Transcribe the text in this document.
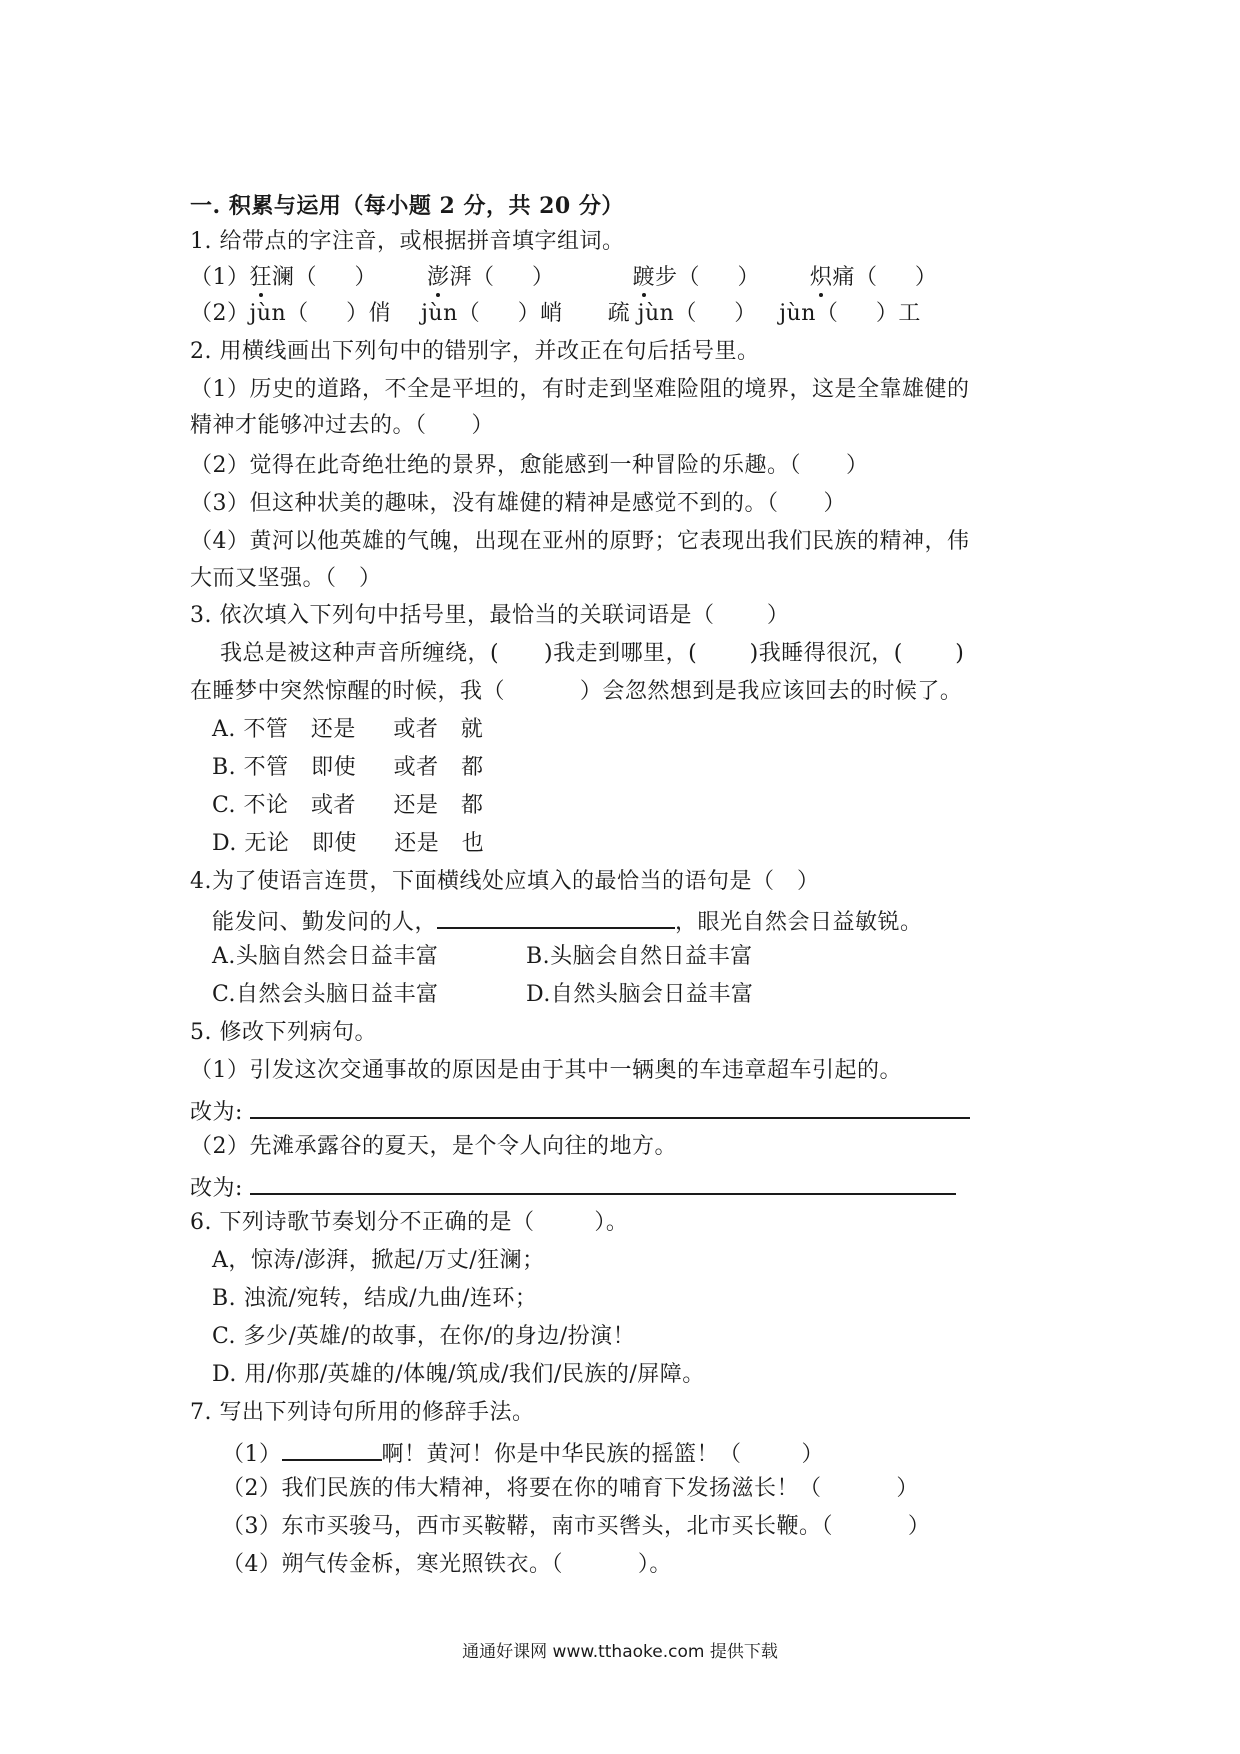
一. 积累与运用（每小题 2 分，共 20 分）
1. 给带点的字注音，或根据拼音填字组词。
（1）狂澜（     ） 澎湃（     ）	踱步（     ） 炽痛（     ）
（2）jùn（     ）俏    jùn（     ）峭      疏 jùn（     ）   jùn（     ）工
2. 用横线画出下列句中的错别字，并改正在句后括号里。
（1）历史的道路，不全是平坦的，有时走到坚难险阻的境界，这是全靠雄健的
精神才能够冲过去的。（      ）
（2）觉得在此奇绝壮绝的景界，愈能感到一种冒险的乐趣。（      ）
（3）但这种状美的趣味，没有雄健的精神是感觉不到的。（      ）
（4）黄河以他英雄的气魄，出现在亚州的原野；它表现出我们民族的精神，伟
大而又坚强。（   ）
3. 依次填入下列句中括号里，最恰当的关联词语是（       ）
我总是被这种声音所缠绕，(      )我走到哪里，(       )我睡得很沉，(       )
在睡梦中突然惊醒的时候，我（          ）会忽然想到是我应该回去的时候了。
A. 不管   还是     或者   就
B. 不管   即使     或者   都
C. 不论   或者     还是   都
D. 无论   即使     还是   也
4.为了使语言连贯，下面横线处应填入的最恰当的语句是（   ）
能发问、勤发问的人，	，眼光自然会日益敏锐。
A.头脑自然会日益丰富	B.头脑会自然日益丰富
C.自然会头脑日益丰富	D.自然头脑会日益丰富
5. 修改下列病句。
（1）引发这次交通事故的原因是由于其中一辆奥的车违章超车引起的。
改为:
（2）先滩承露谷的夏天，是个令人向往的地方。
改为:
6. 下列诗歌节奏划分不正确的是（        ）。
A，惊涛/澎湃，掀起/万丈/狂澜；
B. 浊流/宛转，结成/九曲/连环；
C. 多少/英雄/的故事，在你/的身边/扮演！
D. 用/你那/英雄的/体魄/筑成/我们/民族的/屏障。
7. 写出下列诗句所用的修辞手法。
（1）	啊！黄河！你是中华民族的摇篮！（        ）
（2）我们民族的伟大精神，将要在你的哺育下发扬滋长！（          ）
（3）东市买骏马，西市买鞍鞯，南市买辔头，北市买长鞭。（          ）
（4）朔气传金柝，寒光照铁衣。（          ）。
通通好课网 www.tthaoke.com 提供下载
